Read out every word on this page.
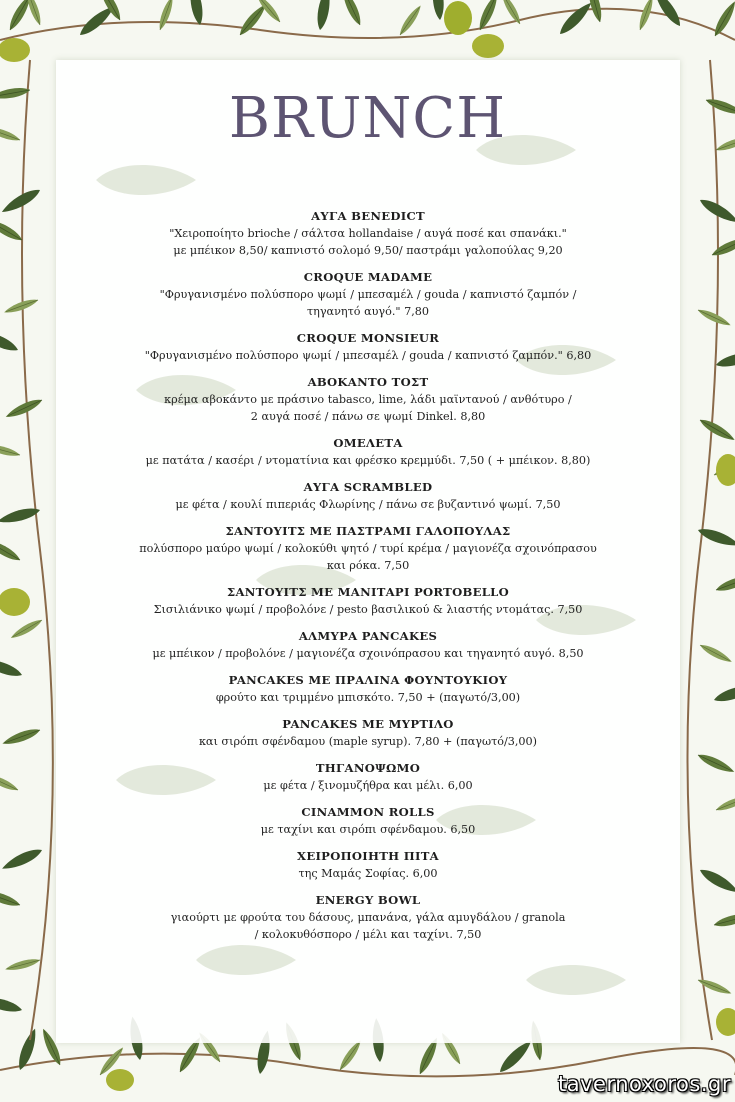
BRUNCH
ΑΥΓΑ BENEDICT
"Χειροποίητο brioche / σάλτσα hollandaise / αυγά ποσέ και σπανάκι."
με μπέικον 8,50/ καπνιστό σολομό 9,50/ παστράμι γαλοπούλας 9,20
CROQUE MADAME
"Φρυγανισμένο πολύσπορο ψωμί / μπεσαμέλ / gouda / καπνιστό ζαμπόν /
τηγανητό αυγό." 7,80
CROQUE MONSIEUR
"Φρυγανισμένο πολύσπορο ψωμί / μπεσαμέλ / gouda / καπνιστό ζαμπόν." 6,80
ΑΒΟΚΑΝΤΟ ΤΟΣΤ
κρέμα αβοκάντο με πράσινο tabasco, lime, λάδι μαϊντανού / ανθότυρο /
2 αυγά ποσέ / πάνω σε ψωμί Dinkel. 8,80
ΟΜΕΛΕΤΑ
με πατάτα / κασέρι / ντοματίνια και φρέσκο κρεμμύδι. 7,50 ( + μπέικον. 8,80)
ΑΥΓΑ SCRAMBLED
με φέτα / κουλί πιπεριάς Φλωρίνης / πάνω σε βυζαντινό ψωμί. 7,50
ΣΑΝΤΟΥΙΤΣ ΜΕ ΠΑΣΤΡΑΜΙ ΓΑΛΟΠΟΥΛΑΣ
πολύσπορο μαύρο ψωμί / κολοκύθι ψητό / τυρί κρέμα / μαγιονέζα σχοινόπρασου
και ρόκα. 7,50
ΣΑΝΤΟΥΙΤΣ ΜΕ ΜΑΝΙΤΑΡΙ PORTOBELLO
Σισιλιάνικο ψωμί / προβολόνε / pesto βασιλικού & λιαστής ντομάτας. 7,50
ΑΛΜΥΡΑ PANCAKES
με μπέικον / προβολόνε / μαγιονέζα σχοινόπρασου και τηγανητό αυγό. 8,50
PANCAKES ΜΕ ΠΡΑΛΙΝΑ ΦΟΥΝΤΟΥΚΙΟΥ
φρούτο και τριμμένο μπισκότο. 7,50 + (παγωτό/3,00)
PANCAKES ΜΕ ΜΥΡΤΙΛΟ
και σιρόπι σφένδαμου (maple syrup). 7,80 + (παγωτό/3,00)
ΤΗΓΑΝΟΨΩΜΟ
με φέτα / ξινομυζήθρα και μέλι. 6,00
CINAMMON ROLLS
με ταχίνι και σιρόπι σφένδαμου. 6,50
ΧΕΙΡΟΠΟΙΗΤΗ ΠΙΤΑ
της Μαμάς Σοφίας. 6,00
ENERGY BOWL
γιαούρτι με φρούτα του δάσους, μπανάνα, γάλα αμυγδάλου / granola
/ κολοκυθόσπορο / μέλι και ταχίνι. 7,50
tavernoxoros.gr
